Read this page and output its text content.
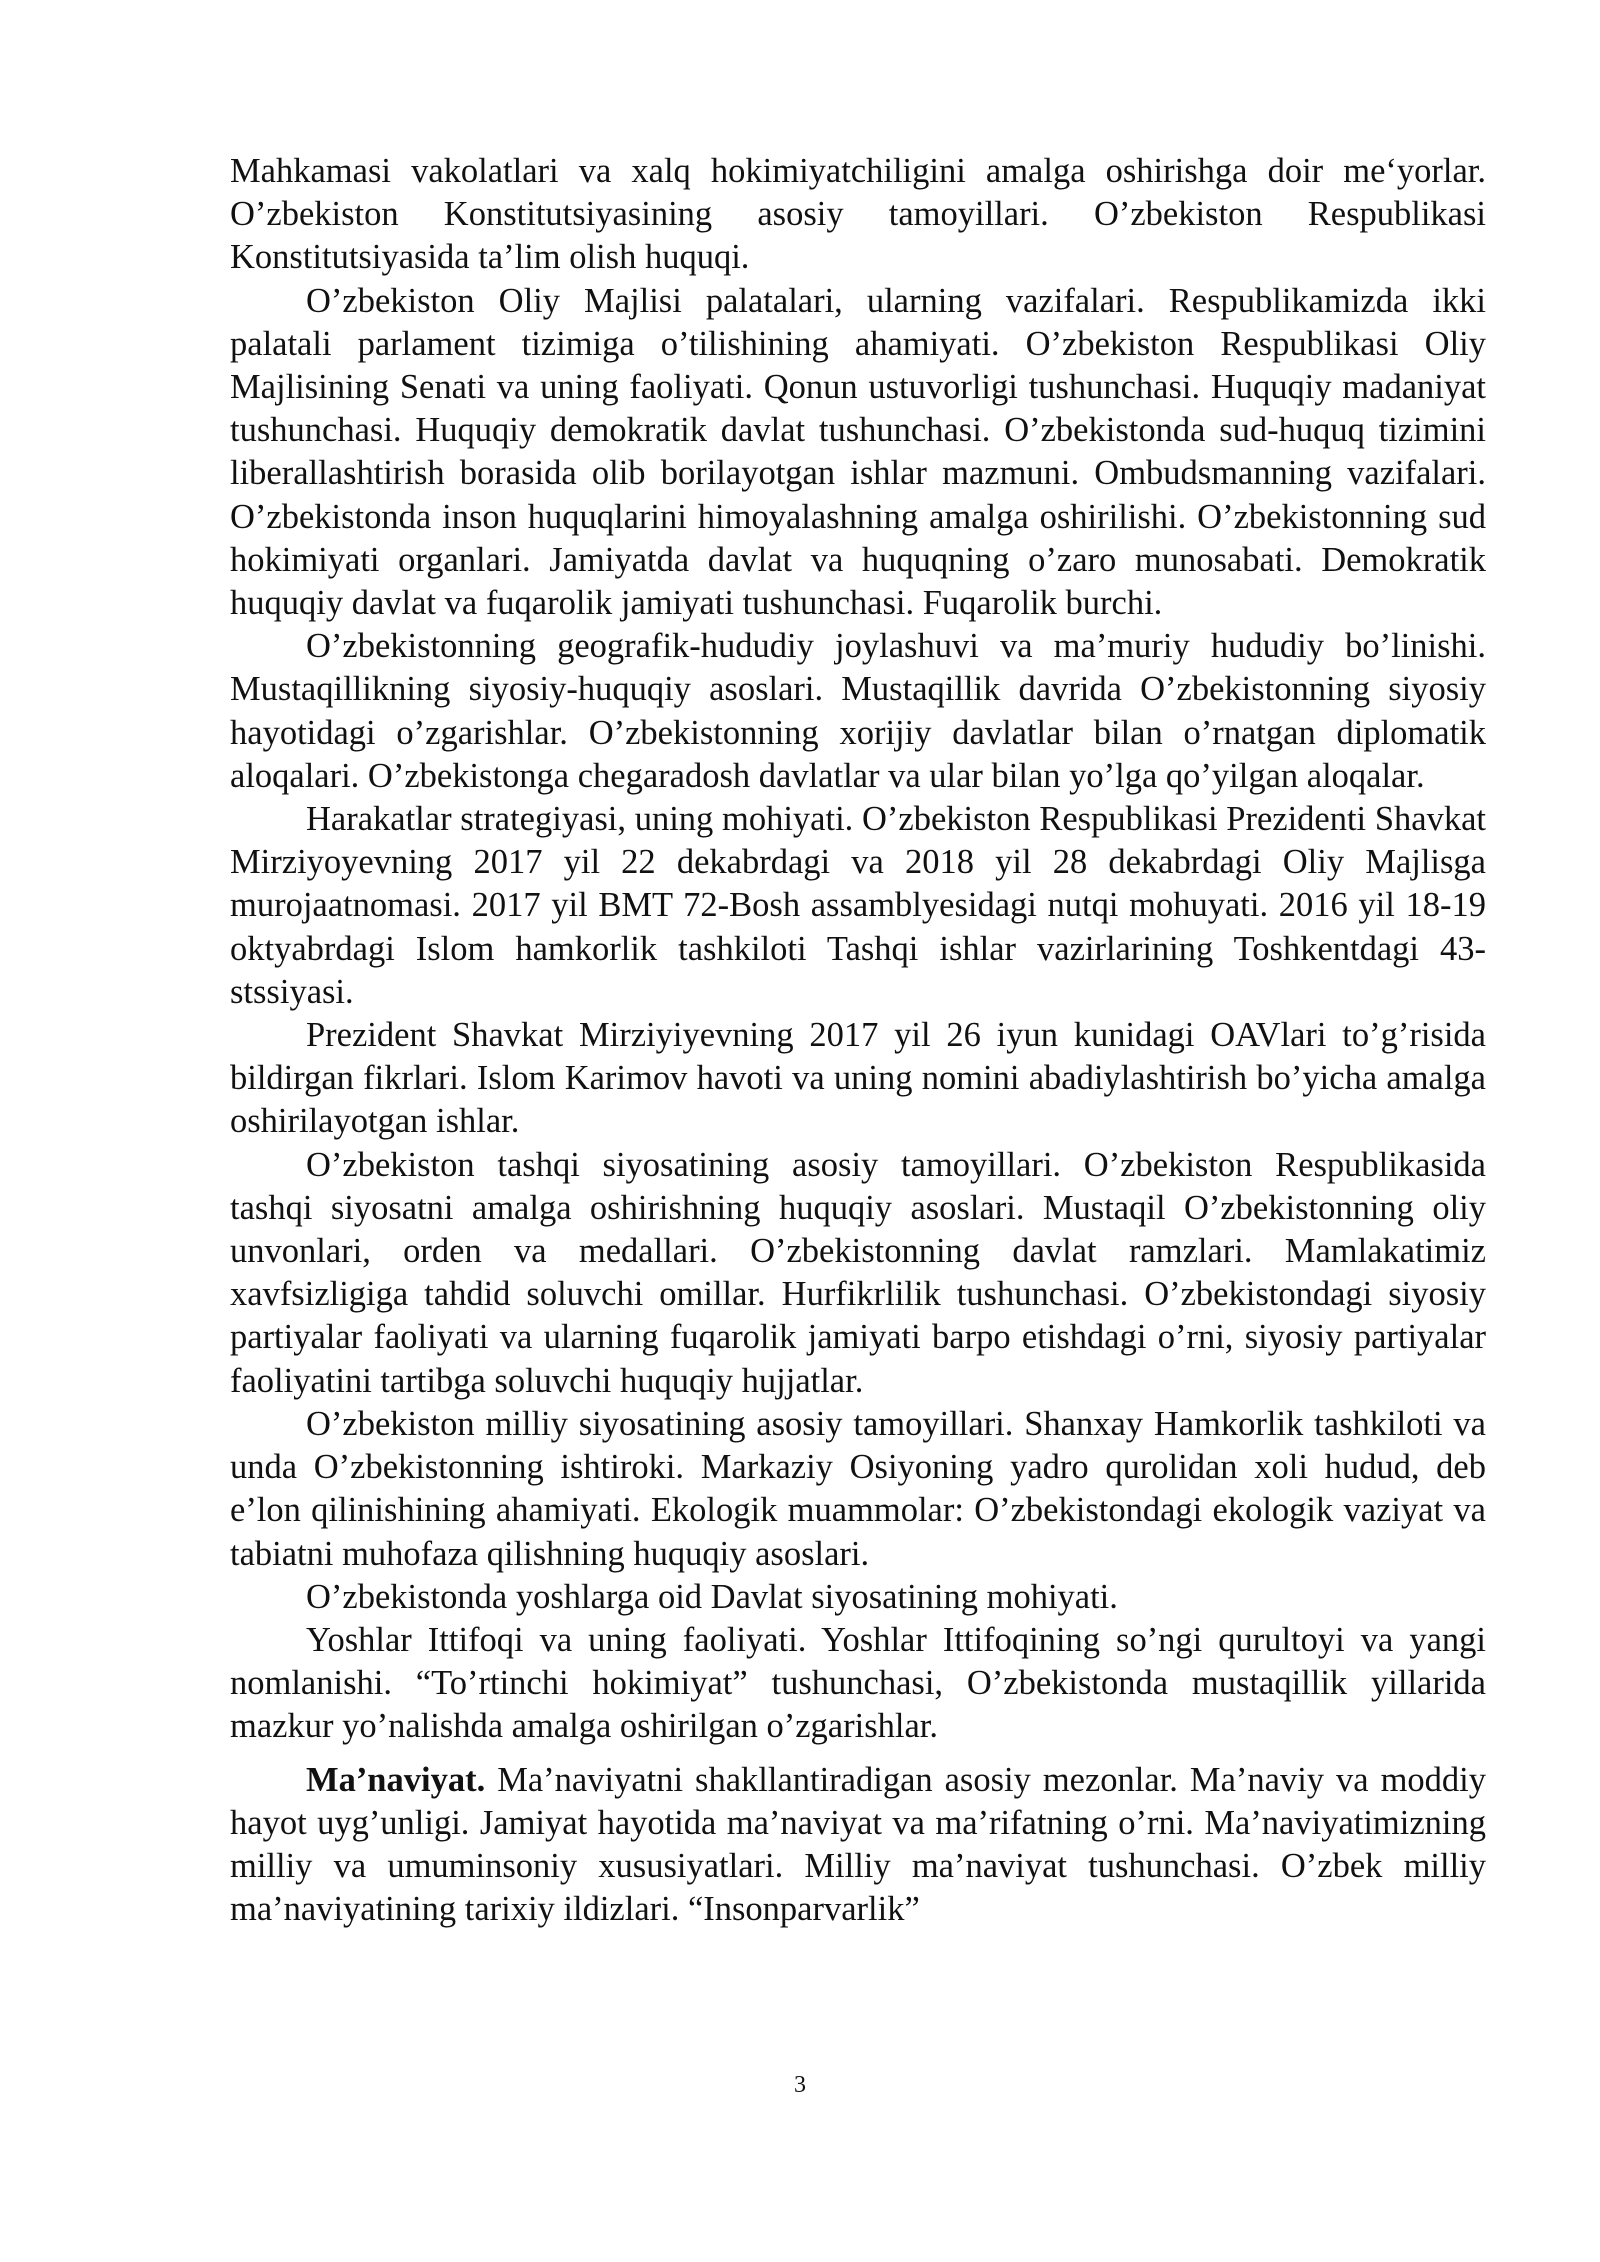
Mahkamasi vakolatlari va xalq hokimiyatchiligini amalga oshirishga doir me‘yorlar. O’zbekiston Konstitutsiyasining asosiy tamoyillari. O’zbekiston Respublikasi Konstitutsiyasida ta’lim olish huquqi.

O’zbekiston Oliy Majlisi palatalari, ularning vazifalari. Respublikamizda ikki palatali parlament tizimiga o’tilishining ahamiyati. O’zbekiston Respublikasi Oliy Majlisining Senati va uning faoliyati. Qonun ustuvorligi tushunchasi. Huquqiy madaniyat tushunchasi. Huquqiy demokratik davlat tushunchasi. O’zbekistonda sud-huquq tizimini liberallashtirish borasida olib borilayotgan ishlar mazmuni. Ombudsmanning vazifalari. O’zbekistonda inson huquqlarini himoyalashning amalga oshirilishi. O’zbekistonning sud hokimiyati organlari. Jamiyatda davlat va huquqning o’zaro munosabati. Demokratik huquqiy davlat va fuqarolik jamiyati tushunchasi. Fuqarolik burchi.

O’zbekistonning geografik-hududiy joylashuvi va ma’muriy hududiy bo’linishi. Mustaqillikning siyosiy-huquqiy asoslari. Mustaqillik davrida O’zbekistonning siyosiy hayotidagi o’zgarishlar. O’zbekistonning xorijiy davlatlar bilan o’rnatgan diplomatik aloqalari. O’zbekistonga chegaradosh davlatlar va ular bilan yo’lga qo’yilgan aloqalar.

Harakatlar strategiyasi, uning mohiyati. O’zbekiston Respublikasi Prezidenti Shavkat Mirziyoyevning 2017 yil 22 dekabrdagi va 2018 yil 28 dekabrdagi Oliy Majlisga murojaatnomasi. 2017 yil BMT 72-Bosh assamblyesidagi nutqi mohuyati. 2016 yil 18-19 oktyabrdagi Islom hamkorlik tashkiloti Tashqi ishlar vazirlarining Toshkentdagi 43-stssiyasi.

Prezident Shavkat Mirziyiyevning 2017 yil 26 iyun kunidagi OAVlari to’g’risida bildirgan fikrlari. Islom Karimov havoti va uning nomini abadiylashtirish bo’yicha amalga oshirilayotgan ishlar.

O’zbekiston tashqi siyosatining asosiy tamoyillari. O’zbekiston Respublikasida tashqi siyosatni amalga oshirishning huquqiy asoslari. Mustaqil O’zbekistonning oliy unvonlari, orden va medallari. O’zbekistonning davlat ramzlari. Mamlakatimiz xavfsizligiga tahdid soluvchi omillar. Hurfikrlilik tushunchasi. O’zbekistondagi siyosiy partiyalar faoliyati va ularning fuqarolik jamiyati barpo etishdagi o’rni, siyosiy partiyalar faoliyatini tartibga soluvchi huquqiy hujjatlar.

O’zbekiston milliy siyosatining asosiy tamoyillari. Shanxay Hamkorlik tashkiloti va unda O’zbekistonning ishtiroki. Markaziy Osiyoning yadro qurolidan xoli hudud, deb e’lon qilinishining ahamiyati. Ekologik muammolar: O’zbekistondagi ekologik vaziyat va tabiatni muhofaza qilishning huquqiy asoslari.

O’zbekistonda yoshlarga oid Davlat siyosatining mohiyati.

Yoshlar Ittifoqi va uning faoliyati. Yoshlar Ittifoqining so’ngi qurultoyi va yangi nomlanishi. “To’rtinchi hokimiyat” tushunchasi, O’zbekistonda mustaqillik yillarida mazkur yo’nalishda amalga oshirilgan o’zgarishlar.

Ma’naviyat. Ma’naviyatni shakllantiradigan asosiy mezonlar. Ma’naviy va moddiy hayot uyg’unligi. Jamiyat hayotida ma’naviyat va ma’rifatning o’rni. Ma’naviyatimizning milliy va umuminsoniy xususiyatlari. Milliy ma’naviyat tushunchasi. O’zbek milliy ma’naviyatining tarixiy ildizlari. “Insonparvarlik”

3
